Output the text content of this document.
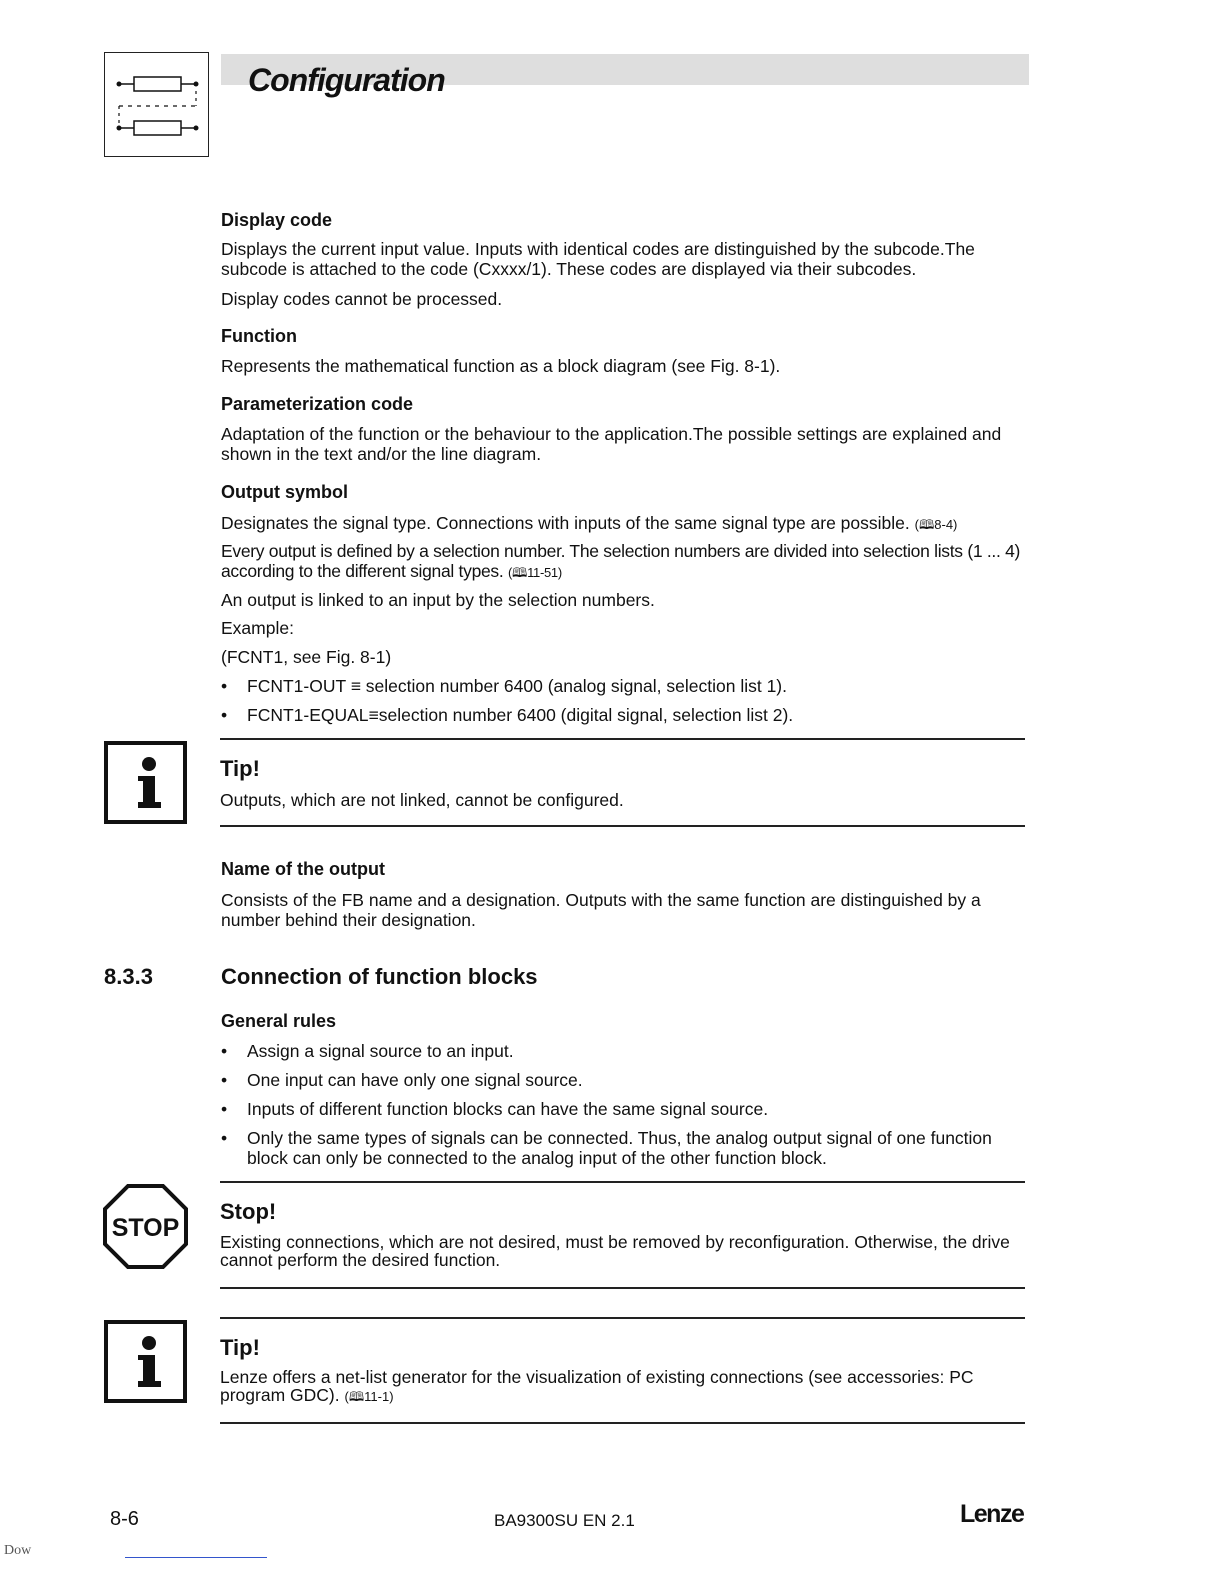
Configuration
Display code
Displays the current input value. Inputs with identical codes are distinguished by the subcode.The subcode is attached to the code (Cxxxx/1). These codes are displayed via their subcodes.
Display codes cannot be processed.
Function
Represents the mathematical function as a block diagram (see Fig. 8-1).
Parameterization code
Adaptation of the function or the behaviour to the application.The possible settings are explained and shown in the text and/or the line diagram.
Output symbol
Designates the signal type. Connections with inputs of the same signal type are possible. (🕮8-4)
Every output is defined by a selection number. The selection numbers are divided into selection lists (1 ... 4) according to the different signal types. (🕮11-51)
An output is linked to an input by the selection numbers.
Example:
(FCNT1, see Fig. 8-1)
• FCNT1-OUT ≡ selection number 6400 (analog signal, selection list 1).
• FCNT1-EQUAL≡selection number 6400 (digital signal, selection list 2).
Tip!
Outputs, which are not linked, cannot be configured.
Name of the output
Consists of the FB name and a designation. Outputs with the same function are distinguished by a number behind their designation.
8.3.3	Connection of function blocks
General rules
• Assign a signal source to an input.
• One input can have only one signal source.
• Inputs of different function blocks can have the same signal source.
• Only the same types of signals can be connected. Thus, the analog output signal of one function block can only be connected to the analog input of the other function block.
STOP
Stop!
Existing connections, which are not desired, must be removed by reconfiguration. Otherwise, the drive cannot perform the desired function.
Tip!
Lenze offers a net-list generator for the visualization of existing connections (see accessories: PC program GDC). (🕮11-1)
8-6	BA9300SU EN 2.1	Lenze
Dow
